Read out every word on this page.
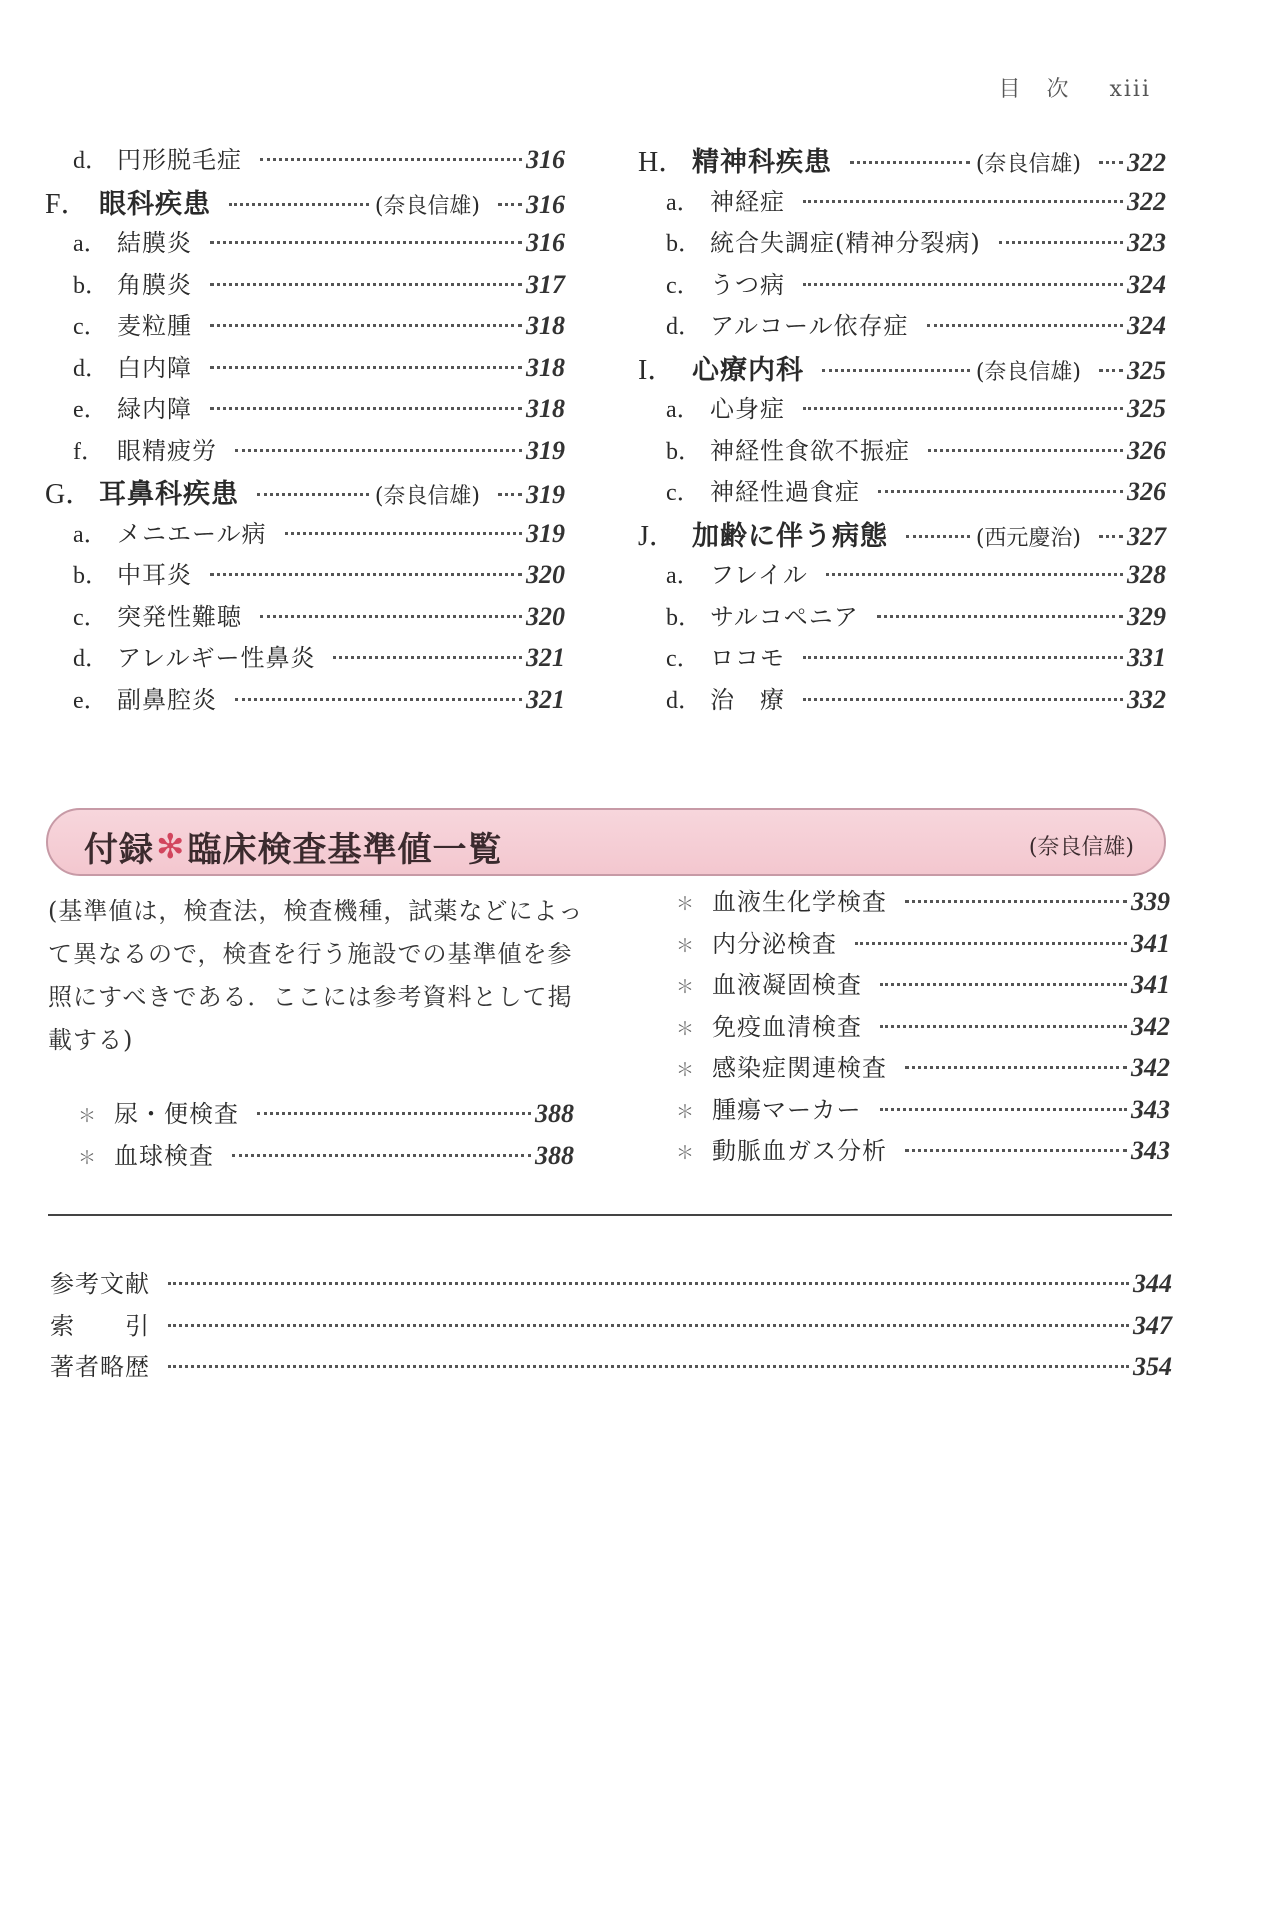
目　次 xiii
d． 円形脱毛症	316
F． 眼科疾患	(奈良信雄) 316
a． 結膜炎	316
b． 角膜炎	317
c． 麦粒腫	318
d． 白内障	318
e． 緑内障	318
f． 眼精疲労	319
G． 耳鼻科疾患	(奈良信雄) 319
a． メニエール病	319
b． 中耳炎	320
c． 突発性難聴	320
d． アレルギー性鼻炎	321
e． 副鼻腔炎	321
H． 精神科疾患	(奈良信雄) 322
a． 神経症	322
b． 統合失調症(精神分裂病)	323
c． うつ病	324
d． アルコール依存症	324
I． 心療内科	(奈良信雄) 325
a． 心身症	325
b． 神経性食欲不振症	326
c． 神経性過食症	326
J． 加齢に伴う病態	(西元慶治) 327
a． フレイル	328
b． サルコペニア	329
c． ロコモ	331
d． 治　療	332
付録 ✻ 臨床検査基準値一覧	(奈良信雄)
(基準値は，検査法，検査機種，試薬などによって異なるので，検査を行う施設での基準値を参照にすべきである．ここには参考資料として掲載する)
＊ 尿・便検査	388
＊ 血球検査	388
＊ 血液生化学検査	339
＊ 内分泌検査	341
＊ 血液凝固検査	341
＊ 免疫血清検査	342
＊ 感染症関連検査	342
＊ 腫瘍マーカー	343
＊ 動脈血ガス分析	343
参考文献	344
索　　引	347
著者略歴	354
